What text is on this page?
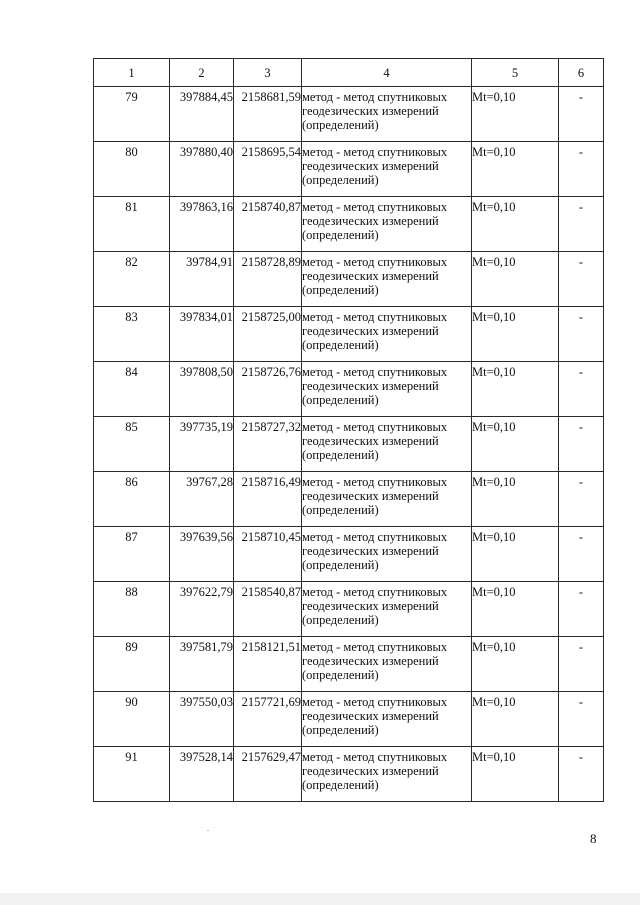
1	2	3	4	5	6
79	397884,45	2158681,59	метод - метод спутниковых геодезических измерений (определений)	Mt=0,10	-
80	397880,40	2158695,54	метод - метод спутниковых геодезических измерений (определений)	Mt=0,10	-
81	397863,16	2158740,87	метод - метод спутниковых геодезических измерений (определений)	Mt=0,10	-
82	39784,91	2158728,89	метод - метод спутниковых геодезических измерений (определений)	Mt=0,10	-
83	397834,01	2158725,00	метод - метод спутниковых геодезических измерений (определений)	Mt=0,10	-
84	397808,50	2158726,76	метод - метод спутниковых геодезических измерений (определений)	Mt=0,10	-
85	397735,19	2158727,32	метод - метод спутниковых геодезических измерений (определений)	Mt=0,10	-
86	39767,28	2158716,49	метод - метод спутниковых геодезических измерений (определений)	Mt=0,10	-
87	397639,56	2158710,45	метод - метод спутниковых геодезических измерений (определений)	Mt=0,10	-
88	397622,79	2158540,87	метод - метод спутниковых геодезических измерений (определений)	Mt=0,10	-
89	397581,79	2158121,51	метод - метод спутниковых геодезических измерений (определений)	Mt=0,10	-
90	397550,03	2157721,69	метод - метод спутниковых геодезических измерений (определений)	Mt=0,10	-
91	397528,14	2157629,47	метод - метод спутниковых геодезических измерений (определений)	Mt=0,10	-
8
